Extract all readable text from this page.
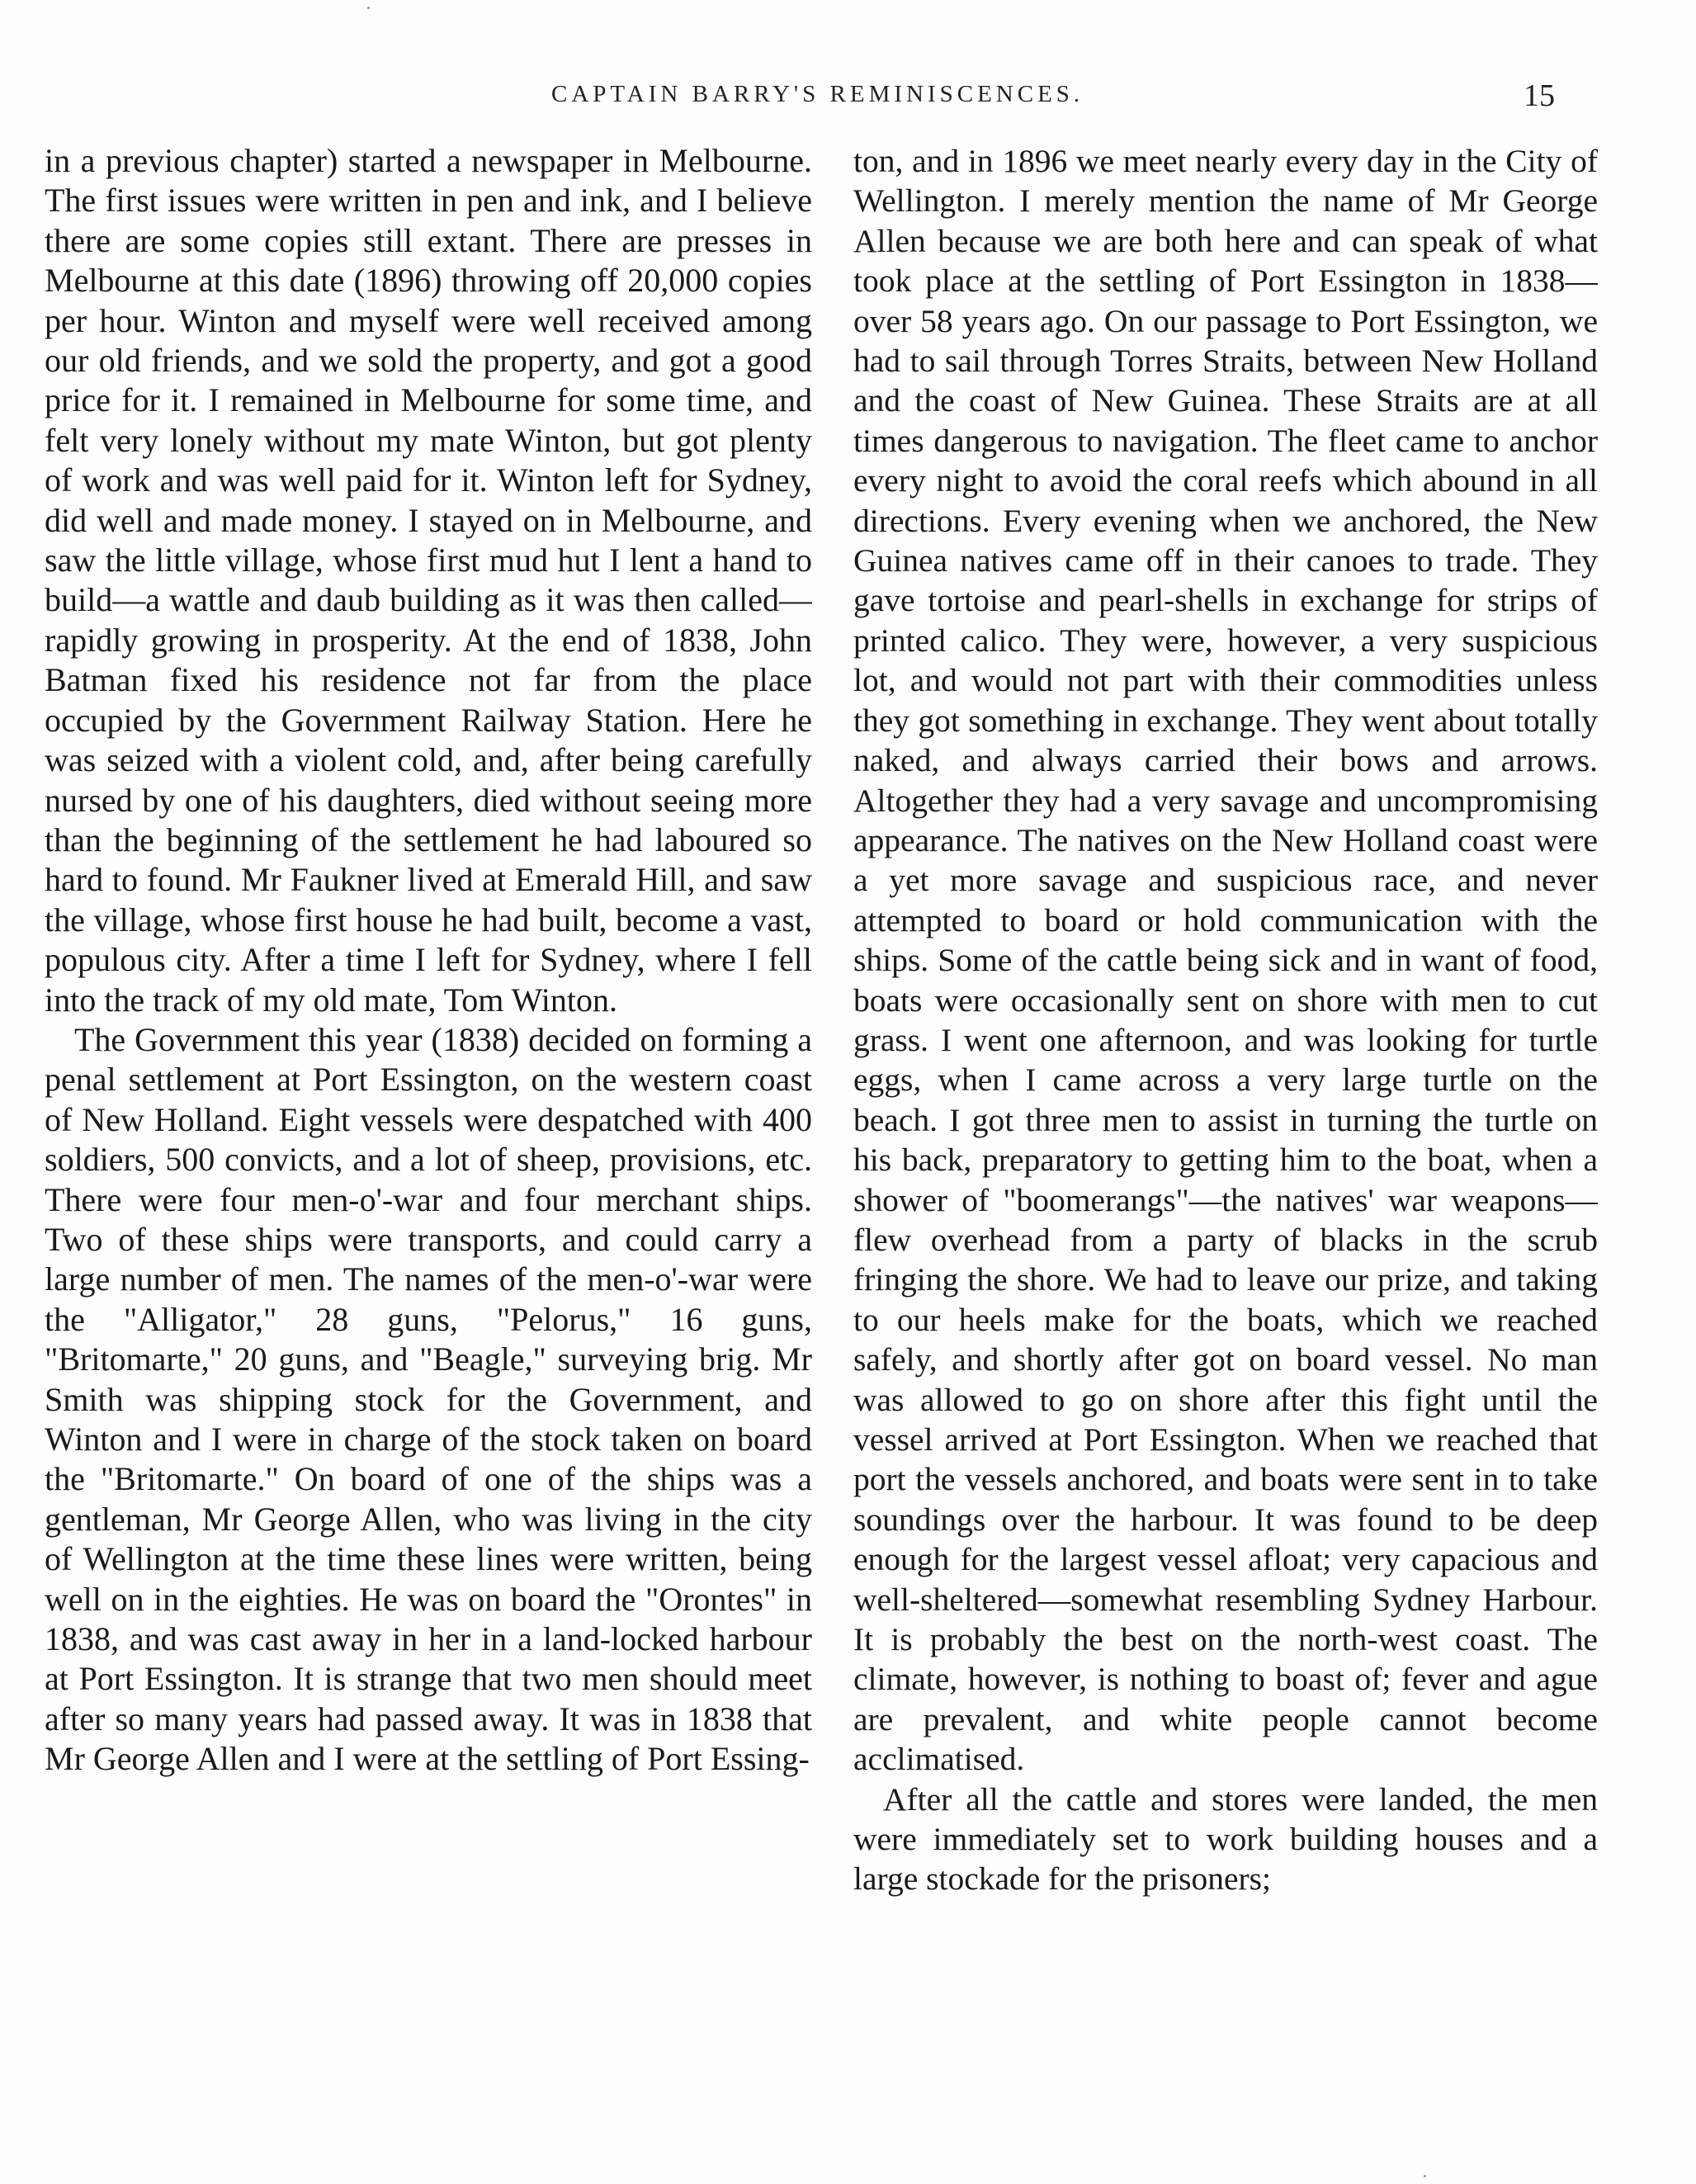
CAPTAIN BARRY'S REMINISCENCES.	15

in a previous chapter) started a newspaper in Melbourne. The first issues were written in pen and ink, and I believe there are some copies still extant. There are presses in Melbourne at this date (1896) throwing off 20,000 copies per hour. Winton and myself were well received among our old friends, and we sold the property, and got a good price for it. I remained in Melbourne for some time, and felt very lonely without my mate Winton, but got plenty of work and was well paid for it. Winton left for Sydney, did well and made money. I stayed on in Melbourne, and saw the little village, whose first mud hut I lent a hand to build—a wattle and daub building as it was then called—rapidly growing in prosperity. At the end of 1838, John Batman fixed his residence not far from the place occupied by the Government Railway Station. Here he was seized with a violent cold, and, after being carefully nursed by one of his daughters, died without seeing more than the beginning of the settlement he had laboured so hard to found. Mr Faukner lived at Emerald Hill, and saw the village, whose first house he had built, become a vast, populous city. After a time I left for Sydney, where I fell into the track of my old mate, Tom Winton.

The Government this year (1838) decided on forming a penal settlement at Port Essington, on the western coast of New Holland. Eight vessels were despatched with 400 soldiers, 500 convicts, and a lot of sheep, provisions, etc. There were four men-o'-war and four merchant ships. Two of these ships were transports, and could carry a large number of men. The names of the men-o'-war were the "Alligator," 28 guns, "Pelorus," 16 guns, "Britomarte," 20 guns, and "Beagle," surveying brig. Mr Smith was shipping stock for the Government, and Winton and I were in charge of the stock taken on board the "Britomarte." On board of one of the ships was a gentleman, Mr George Allen, who was living in the city of Wellington at the time these lines were written, being well on in the eighties. He was on board the "Orontes" in 1838, and was cast away in her in a land-locked harbour at Port Essington. It is strange that two men should meet after so many years had passed away. It was in 1838 that Mr George Allen and I were at the settling of Port Essing-

ton, and in 1896 we meet nearly every day in the City of Wellington. I merely mention the name of Mr George Allen because we are both here and can speak of what took place at the settling of Port Essington in 1838—over 58 years ago. On our passage to Port Essington, we had to sail through Torres Straits, between New Holland and the coast of New Guinea. These Straits are at all times dangerous to navigation. The fleet came to anchor every night to avoid the coral reefs which abound in all directions. Every evening when we anchored, the New Guinea natives came off in their canoes to trade. They gave tortoise and pearl-shells in exchange for strips of printed calico. They were, however, a very suspicious lot, and would not part with their commodities unless they got something in exchange. They went about totally naked, and always carried their bows and arrows. Altogether they had a very savage and uncompromising appearance. The natives on the New Holland coast were a yet more savage and suspicious race, and never attempted to board or hold communication with the ships. Some of the cattle being sick and in want of food, boats were occasionally sent on shore with men to cut grass. I went one afternoon, and was looking for turtle eggs, when I came across a very large turtle on the beach. I got three men to assist in turning the turtle on his back, preparatory to getting him to the boat, when a shower of "boomerangs"—the natives' war weapons—flew overhead from a party of blacks in the scrub fringing the shore. We had to leave our prize, and taking to our heels make for the boats, which we reached safely, and shortly after got on board vessel. No man was allowed to go on shore after this fight until the vessel arrived at Port Essington. When we reached that port the vessels anchored, and boats were sent in to take soundings over the harbour. It was found to be deep enough for the largest vessel afloat; very capacious and well-sheltered—somewhat resembling Sydney Harbour. It is probably the best on the north-west coast. The climate, however, is nothing to boast of; fever and ague are prevalent, and white people cannot become acclimatised.

After all the cattle and stores were landed, the men were immediately set to work building houses and a large stockade for the prisoners;
